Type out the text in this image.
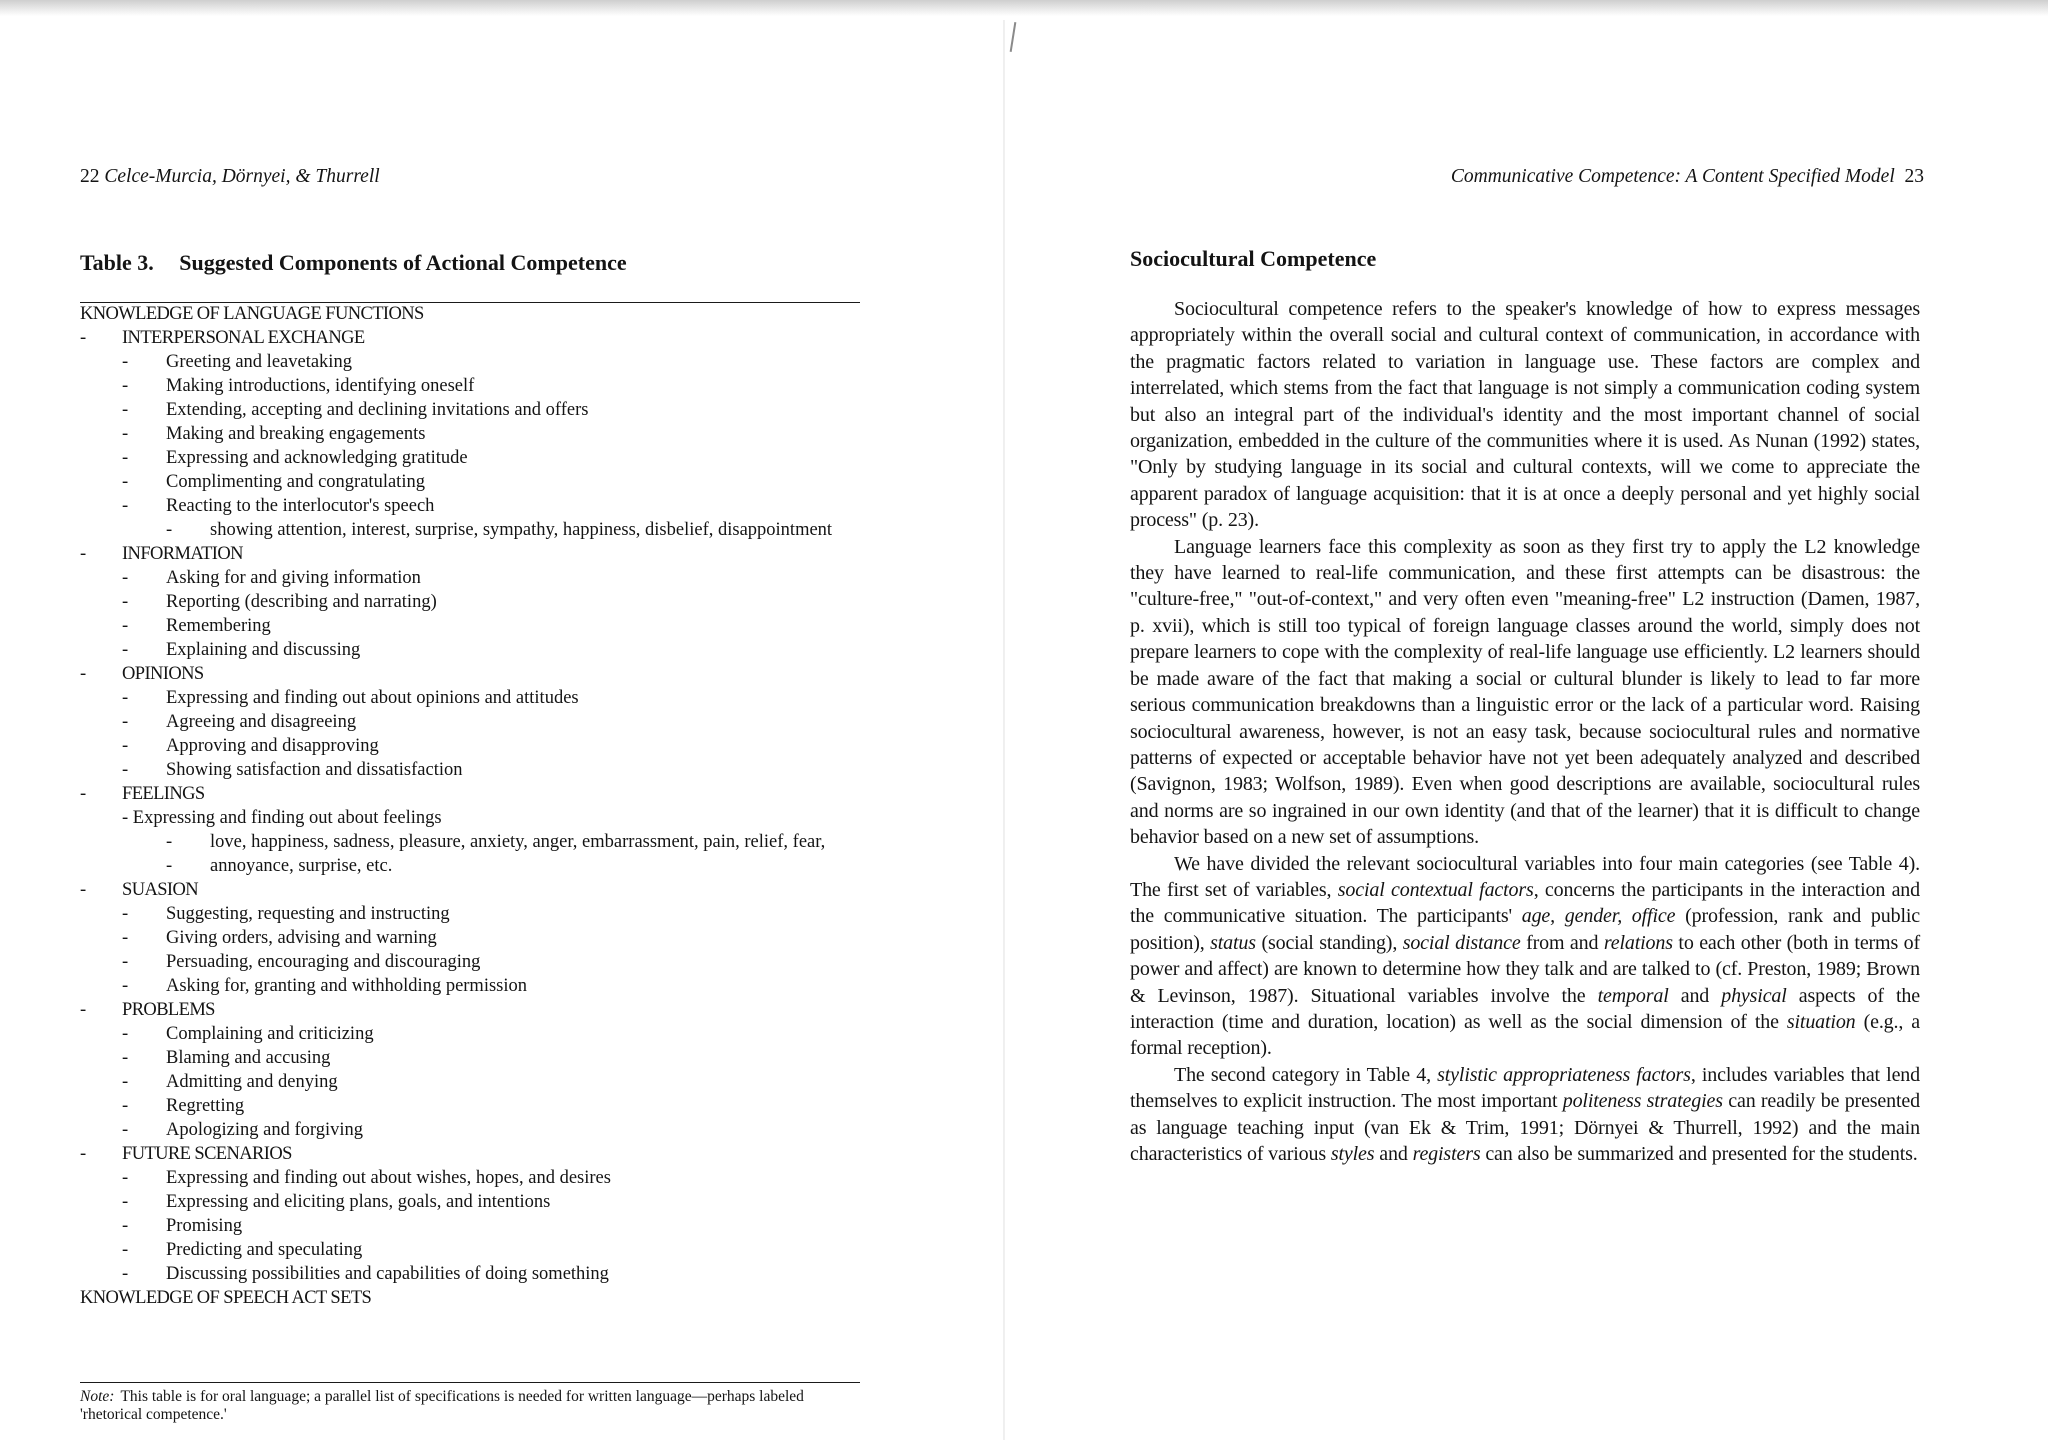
22 Celce-Murcia, Dörnyei, & Thurrell
Table 3. Suggested Components of Actional Competence
KNOWLEDGE OF LANGUAGE FUNCTIONS
- INTERPERSONAL EXCHANGE
- Greeting and leavetaking
- Making introductions, identifying oneself
- Extending, accepting and declining invitations and offers
- Making and breaking engagements
- Expressing and acknowledging gratitude
- Complimenting and congratulating
- Reacting to the interlocutor's speech
- showing attention, interest, surprise, sympathy, happiness, disbelief, disappointment
- INFORMATION
- Asking for and giving information
- Reporting (describing and narrating)
- Remembering
- Explaining and discussing
- OPINIONS
- Expressing and finding out about opinions and attitudes
- Agreeing and disagreeing
- Approving and disapproving
- Showing satisfaction and dissatisfaction
- FEELINGS
- Expressing and finding out about feelings
- love, happiness, sadness, pleasure, anxiety, anger, embarrassment, pain, relief, fear,
- annoyance, surprise, etc.
- SUASION
- Suggesting, requesting and instructing
- Giving orders, advising and warning
- Persuading, encouraging and discouraging
- Asking for, granting and withholding permission
- PROBLEMS
- Complaining and criticizing
- Blaming and accusing
- Admitting and denying
- Regretting
- Apologizing and forgiving
- FUTURE SCENARIOS
- Expressing and finding out about wishes, hopes, and desires
- Expressing and eliciting plans, goals, and intentions
- Promising
- Predicting and speculating
- Discussing possibilities and capabilities of doing something
KNOWLEDGE OF SPEECH ACT SETS
Note: This table is for oral language; a parallel list of specifications is needed for written language—perhaps labeled 'rhetorical competence.'
Communicative Competence: A Content Specified Model 23
Sociocultural Competence

Sociocultural competence refers to the speaker's knowledge of how to express messages appropriately within the overall social and cultural context of communication, in accordance with the pragmatic factors related to variation in language use. These factors are complex and interrelated, which stems from the fact that language is not simply a communication coding system but also an integral part of the individual's identity and the most important channel of social organization, embedded in the culture of the communities where it is used. As Nunan (1992) states, "Only by studying language in its social and cultural contexts, will we come to appreciate the apparent paradox of language acquisition: that it is at once a deeply personal and yet highly social process" (p. 23).

Language learners face this complexity as soon as they first try to apply the L2 knowledge they have learned to real-life communication, and these first attempts can be disastrous: the "culture-free," "out-of-context," and very often even "meaning-free" L2 instruction (Damen, 1987, p. xvii), which is still too typical of foreign language classes around the world, simply does not prepare learners to cope with the complexity of real-life language use efficiently. L2 learners should be made aware of the fact that making a social or cultural blunder is likely to lead to far more serious communication breakdowns than a linguistic error or the lack of a particular word. Raising sociocultural awareness, however, is not an easy task, because sociocultural rules and normative patterns of expected or acceptable behavior have not yet been adequately analyzed and described (Savignon, 1983; Wolfson, 1989). Even when good descriptions are available, sociocultural rules and norms are so ingrained in our own identity (and that of the learner) that it is difficult to change behavior based on a new set of assumptions.

We have divided the relevant sociocultural variables into four main categories (see Table 4). The first set of variables, social contextual factors, concerns the participants in the interaction and the communicative situation. The participants' age, gender, office (profession, rank and public position), status (social standing), social distance from and relations to each other (both in terms of power and affect) are known to determine how they talk and are talked to (cf. Preston, 1989; Brown & Levinson, 1987). Situational variables involve the temporal and physical aspects of the interaction (time and duration, location) as well as the social dimension of the situation (e.g., a formal reception).

The second category in Table 4, stylistic appropriateness factors, includes variables that lend themselves to explicit instruction. The most important politeness strategies can readily be presented as language teaching input (van Ek & Trim, 1991; Dörnyei & Thurrell, 1992) and the main characteristics of various styles and registers can also be summarized and presented for the students.
